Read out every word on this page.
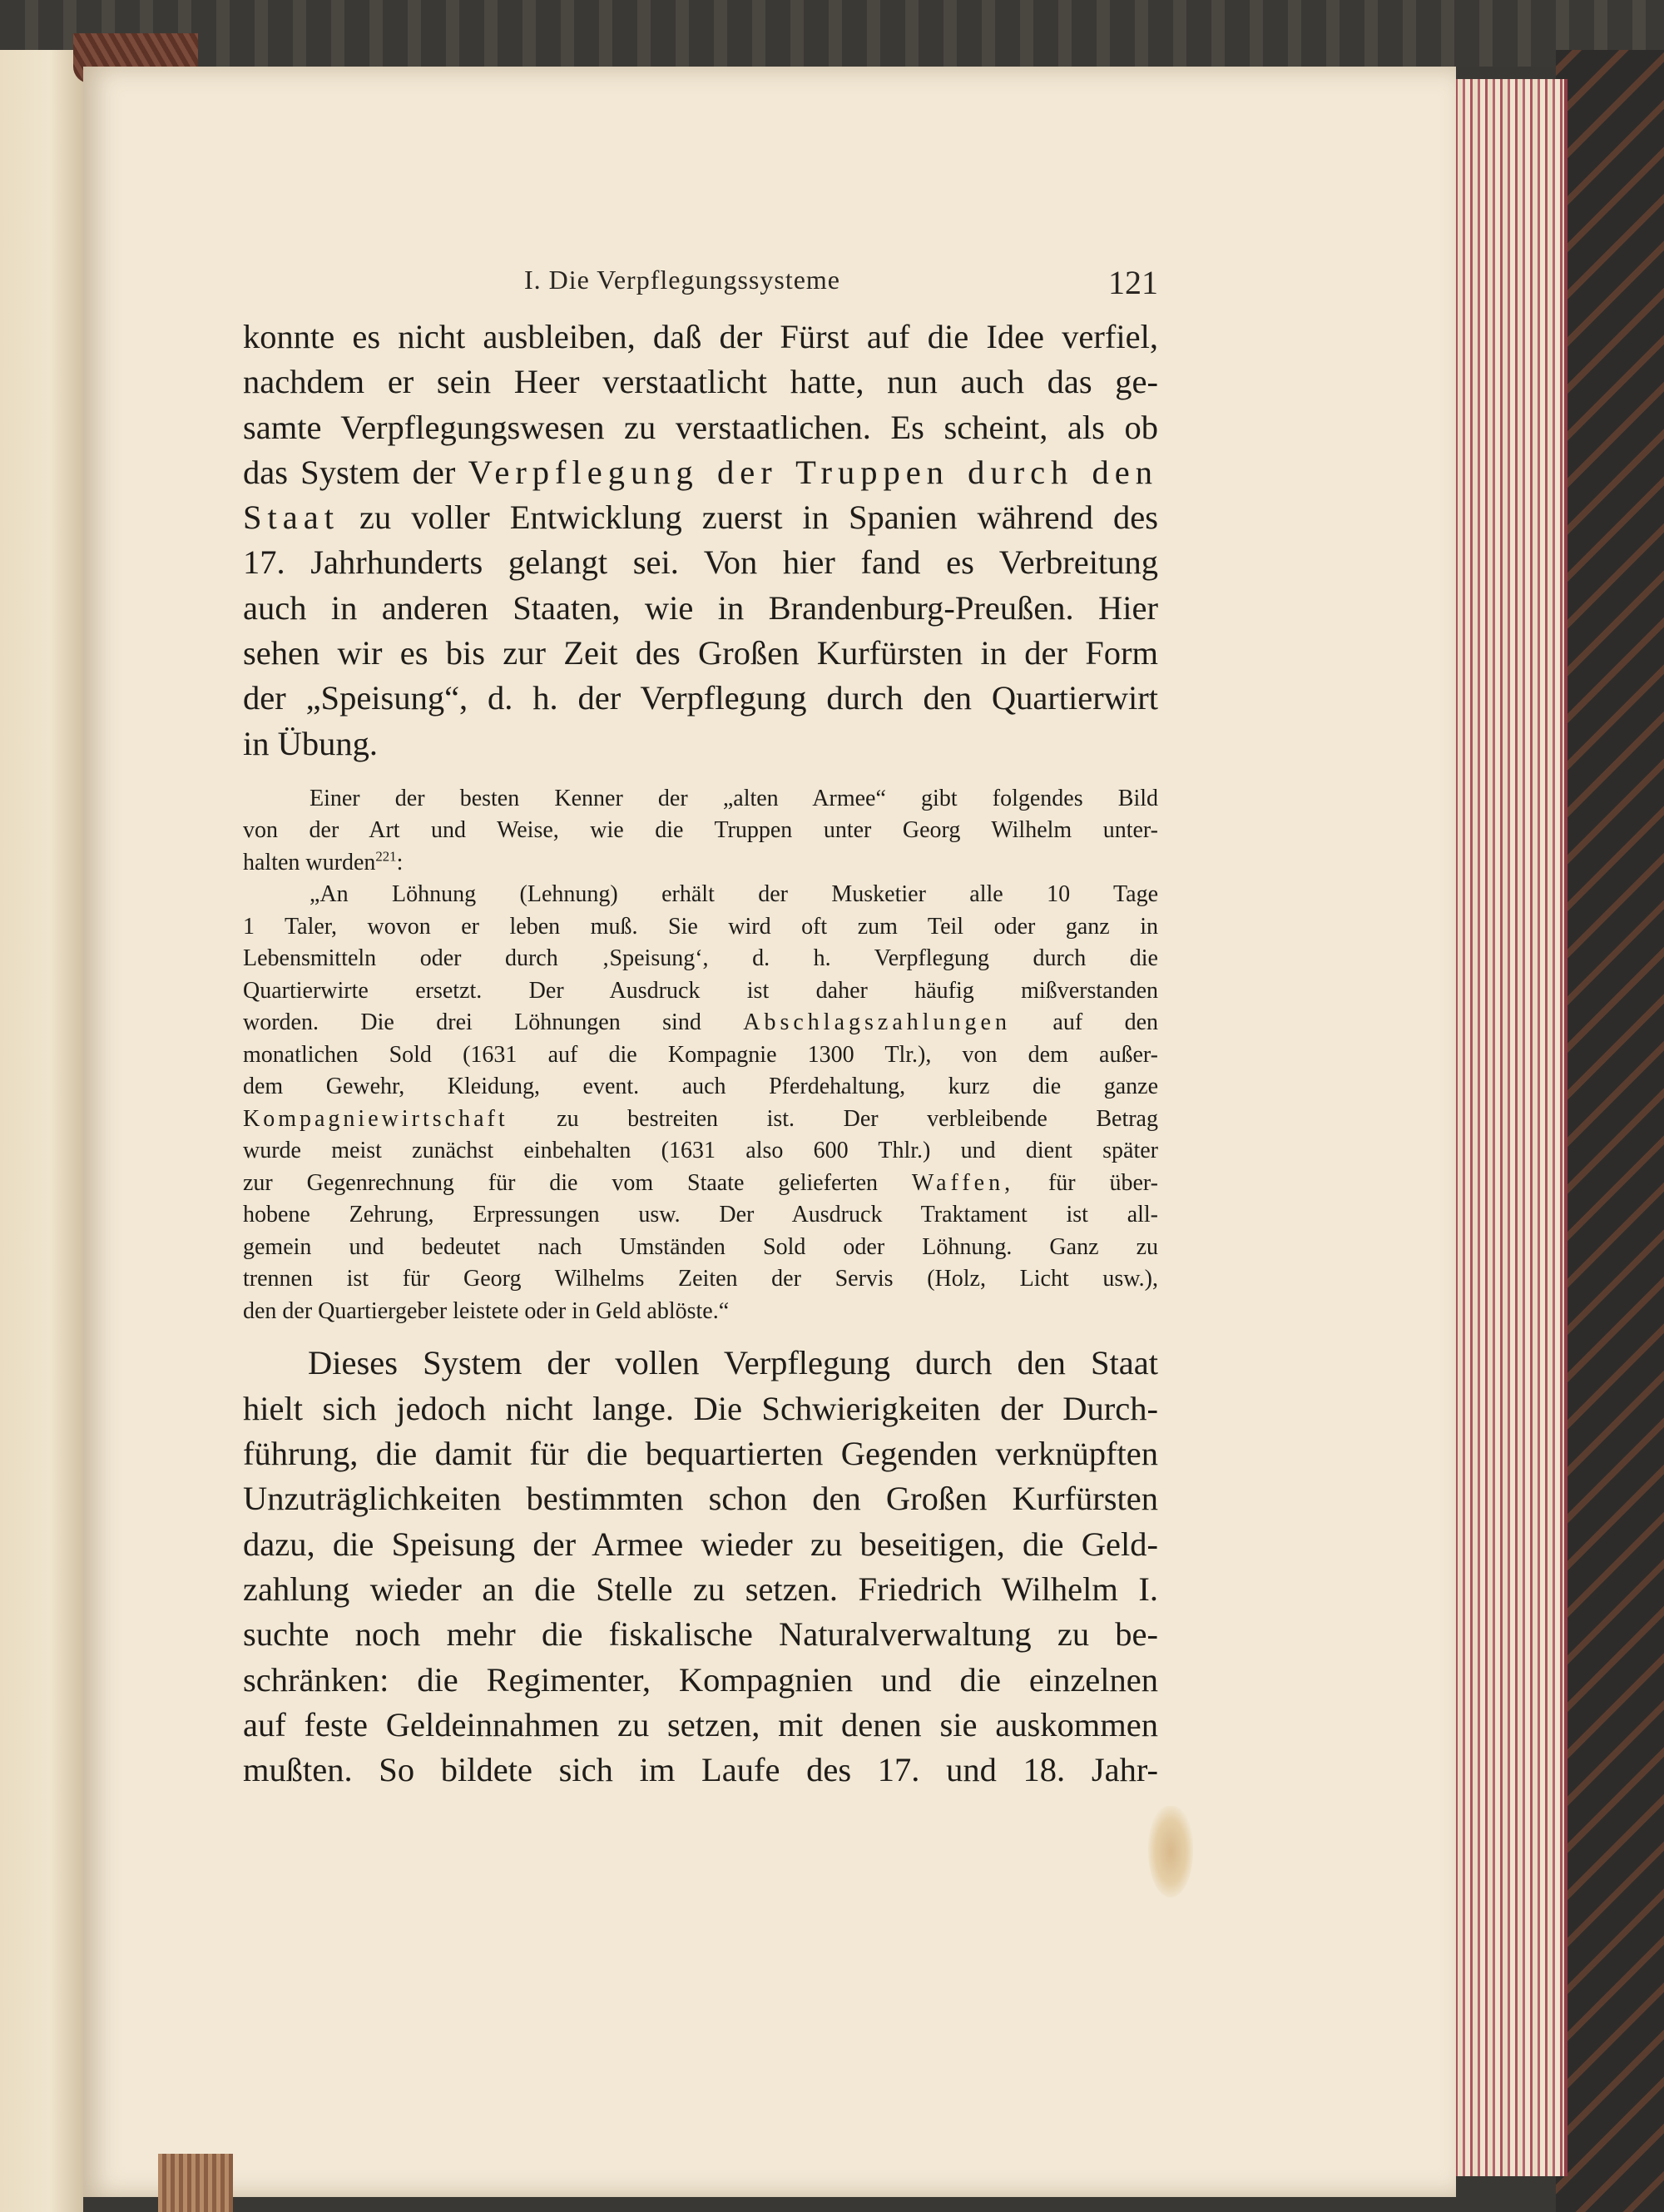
I. Die Verpflegungssysteme	121
konnte es nicht ausbleiben, daß der Fürst auf die Idee verfiel,
nachdem er sein Heer verstaatlicht hatte, nun auch das ge-
samte Verpflegungswesen zu verstaatlichen. Es scheint, als ob
das System der Verpflegung der Truppen durch den
Staat zu voller Entwicklung zuerst in Spanien während des
17. Jahrhunderts gelangt sei. Von hier fand es Verbreitung
auch in anderen Staaten, wie in Brandenburg-Preußen. Hier
sehen wir es bis zur Zeit des Großen Kurfürsten in der Form
der „Speisung“, d. h. der Verpflegung durch den Quartierwirt
in Übung.
Einer der besten Kenner der „alten Armee“ gibt folgendes Bild
von der Art und Weise, wie die Truppen unter Georg Wilhelm unter-
halten wurden$^{221}$:
„An Löhnung (Lehnung) erhält der Musketier alle 10 Tage
1 Taler, wovon er leben muß. Sie wird oft zum Teil oder ganz in
Lebensmitteln oder durch ‚Speisung‘, d. h. Verpflegung durch die
Quartierwirte ersetzt. Der Ausdruck ist daher häufig mißverstanden
worden. Die drei Löhnungen sind Abschlagszahlungen auf den
monatlichen Sold (1631 auf die Kompagnie 1300 Tlr.), von dem außer-
dem Gewehr, Kleidung, event. auch Pferdehaltung, kurz die ganze
Kompagniewirtschaft zu bestreiten ist. Der verbleibende Betrag
wurde meist zunächst einbehalten (1631 also 600 Thlr.) und dient später
zur Gegenrechnung für die vom Staate gelieferten Waffen, für über-
hobene Zehrung, Erpressungen usw. Der Ausdruck Traktament ist all-
gemein und bedeutet nach Umständen Sold oder Löhnung. Ganz zu
trennen ist für Georg Wilhelms Zeiten der Servis (Holz, Licht usw.),
den der Quartiergeber leistete oder in Geld ablöste.“
Dieses System der vollen Verpflegung durch den Staat
hielt sich jedoch nicht lange. Die Schwierigkeiten der Durch-
führung, die damit für die bequartierten Gegenden verknüpften
Unzuträglichkeiten bestimmten schon den Großen Kurfürsten
dazu, die Speisung der Armee wieder zu beseitigen, die Geld-
zahlung wieder an die Stelle zu setzen. Friedrich Wilhelm I.
suchte noch mehr die fiskalische Naturalverwaltung zu be-
schränken: die Regimenter, Kompagnien und die einzelnen
auf feste Geldeinnahmen zu setzen, mit denen sie auskommen
mußten. So bildete sich im Laufe des 17. und 18. Jahr-
